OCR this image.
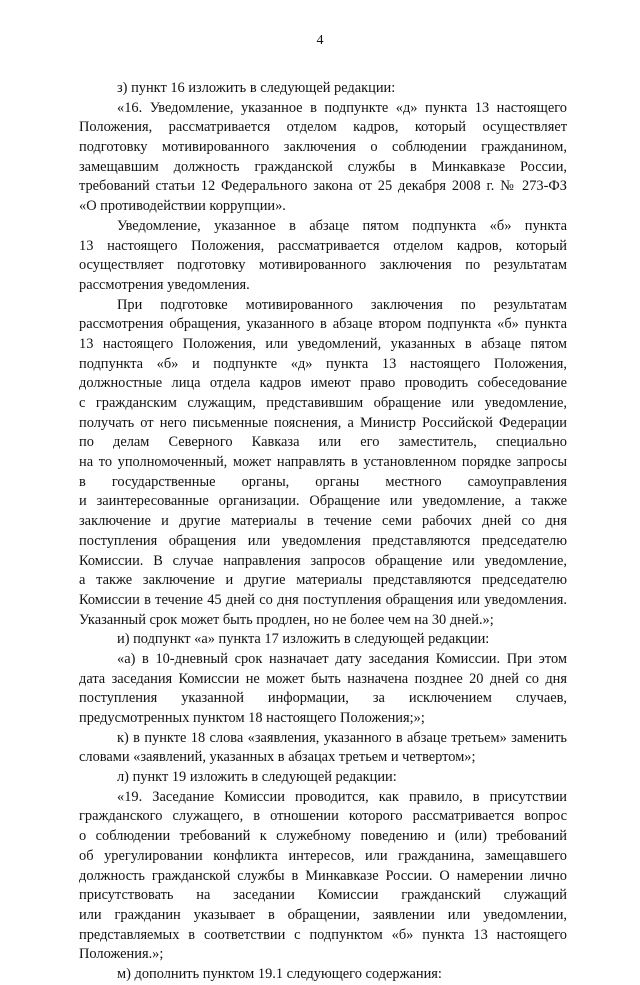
4
з) пункт 16 изложить в следующей редакции:
«16. Уведомление, указанное в подпункте «д» пункта 13 настоящего
Положения, рассматривается отделом кадров, который осуществляет
подготовку мотивированного заключения о соблюдении гражданином,
замещавшим должность гражданской службы в Минкавказе России,
требований статьи 12 Федерального закона от 25 декабря 2008 г. № 273-ФЗ
«О противодействии коррупции».
Уведомление, указанное в абзаце пятом подпункта «б» пункта
13 настоящего Положения, рассматривается отделом кадров, который
осуществляет подготовку мотивированного заключения по результатам
рассмотрения уведомления.
При подготовке мотивированного заключения по результатам
рассмотрения обращения, указанного в абзаце втором подпункта «б» пункта
13 настоящего Положения, или уведомлений, указанных в абзаце пятом
подпункта «б» и подпункте «д» пункта 13 настоящего Положения,
должностные лица отдела кадров имеют право проводить собеседование
с гражданским служащим, представившим обращение или уведомление,
получать от него письменные пояснения, а Министр Российской Федерации
по делам Северного Кавказа или его заместитель, специально
на то уполномоченный, может направлять в установленном порядке запросы
в государственные органы, органы местного самоуправления
и заинтересованные организации. Обращение или уведомление, а также
заключение и другие материалы в течение семи рабочих дней со дня
поступления обращения или уведомления представляются председателю
Комиссии. В случае направления запросов обращение или уведомление,
а также заключение и другие материалы представляются председателю
Комиссии в течение 45 дней со дня поступления обращения или уведомления.
Указанный срок может быть продлен, но не более чем на 30 дней.»;
и) подпункт «а» пункта 17 изложить в следующей редакции:
«а) в 10-дневный срок назначает дату заседания Комиссии. При этом
дата заседания Комиссии не может быть назначена позднее 20 дней со дня
поступления указанной информации, за исключением случаев,
предусмотренных пунктом 18 настоящего Положения;»;
к) в пункте 18 слова «заявления, указанного в абзаце третьем» заменить
словами «заявлений, указанных в абзацах третьем и четвертом»;
л) пункт 19 изложить в следующей редакции:
«19. Заседание Комиссии проводится, как правило, в присутствии
гражданского служащего, в отношении которого рассматривается вопрос
о соблюдении требований к служебному поведению и (или) требований
об урегулировании конфликта интересов, или гражданина, замещавшего
должность гражданской службы в Минкавказе России. О намерении лично
присутствовать на заседании Комиссии гражданский служащий
или гражданин указывает в обращении, заявлении или уведомлении,
представляемых в соответствии с подпунктом «б» пункта 13 настоящего
Положения.»;
м) дополнить пунктом 19.1 следующего содержания:
